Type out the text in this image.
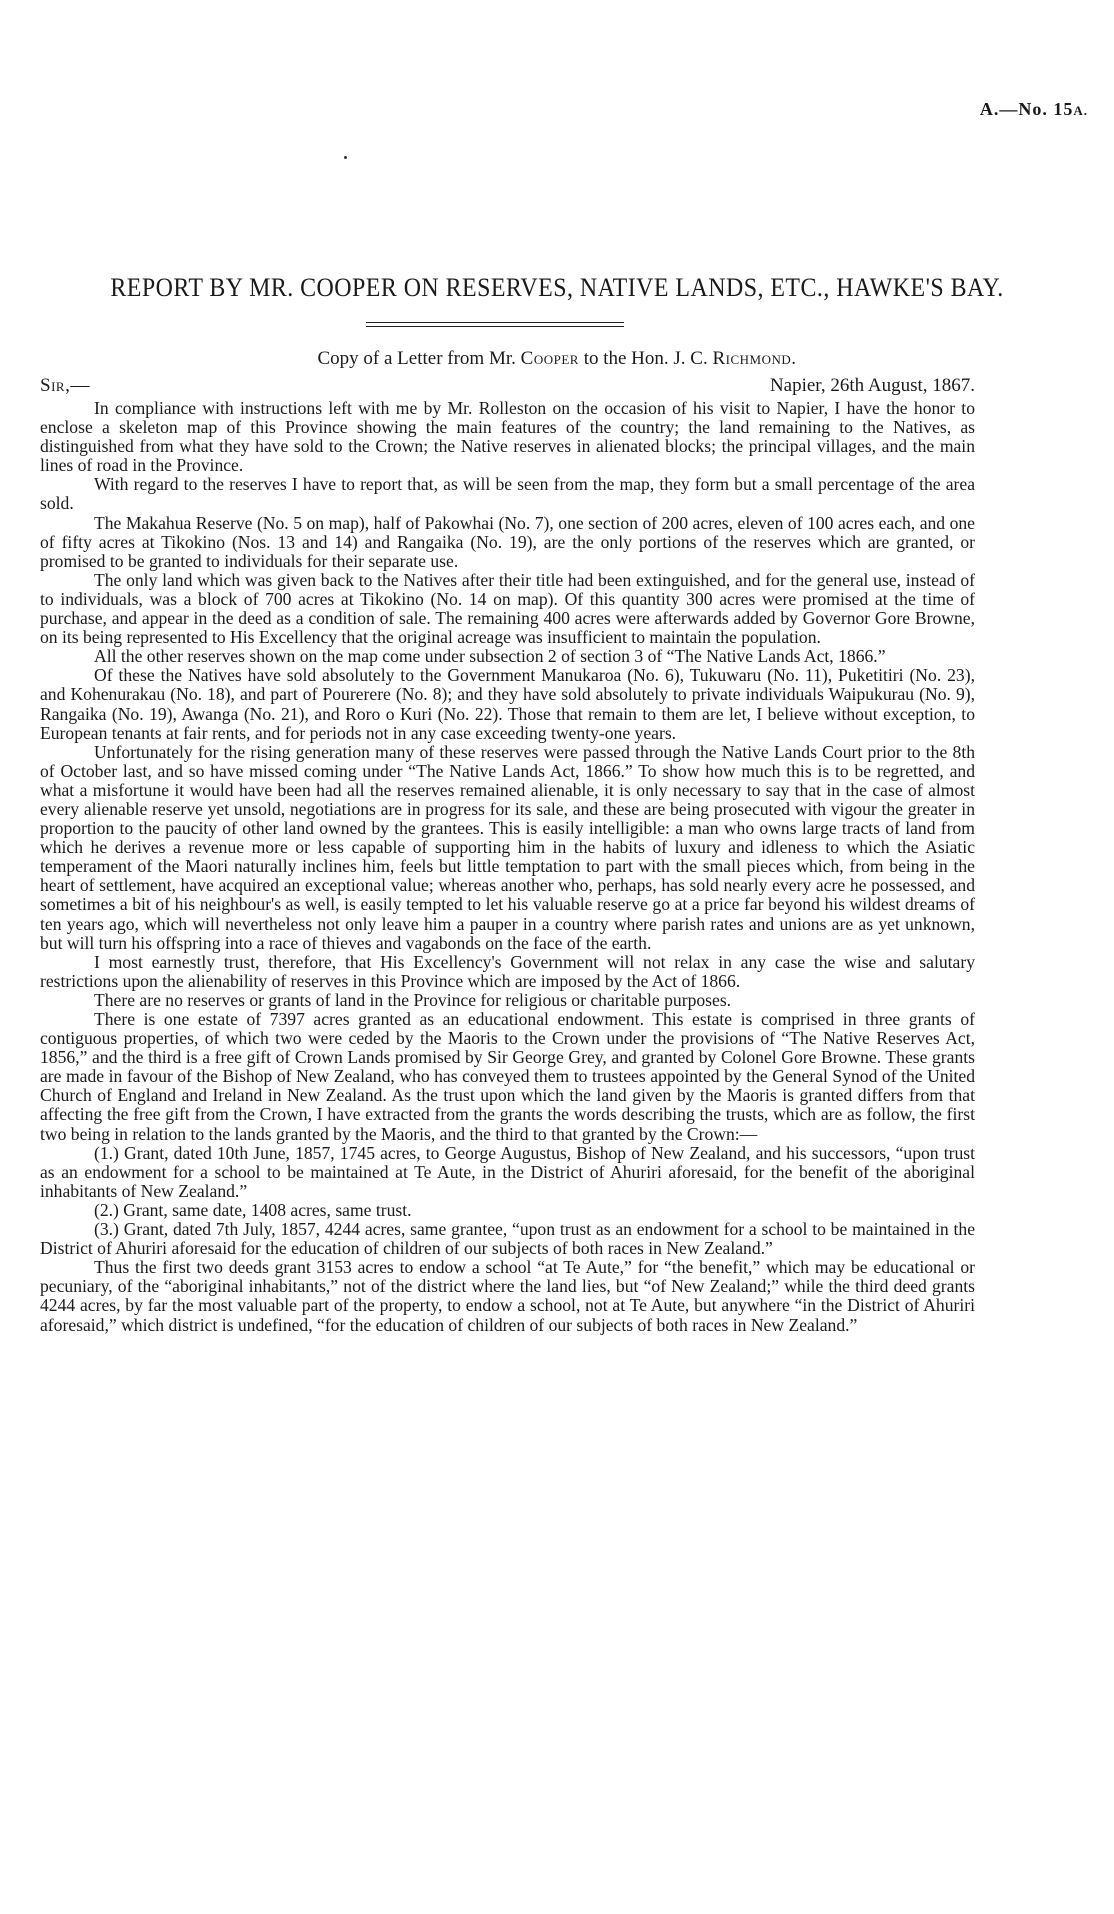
A.—No. 15A.
REPORT BY MR. COOPER ON RESERVES, NATIVE LANDS, ETC., HAWKE'S BAY.
Copy of a Letter from Mr. Cooper to the Hon. J. C. Richmond.
Sir,—	Napier, 26th August, 1867.

In compliance with instructions left with me by Mr. Rolleston on the occasion of his visit to Napier, I have the honor to enclose a skeleton map of this Province showing the main features of the country; the land remaining to the Natives, as distinguished from what they have sold to the Crown; the Native reserves in alienated blocks; the principal villages, and the main lines of road in the Province.

With regard to the reserves I have to report that, as will be seen from the map, they form but a small percentage of the area sold.

The Makahua Reserve (No. 5 on map), half of Pakowhai (No. 7), one section of 200 acres, eleven of 100 acres each, and one of fifty acres at Tikokino (Nos. 13 and 14) and Rangaika (No. 19), are the only portions of the reserves which are granted, or promised to be granted to individuals for their separate use.

The only land which was given back to the Natives after their title had been extinguished, and for the general use, instead of to individuals, was a block of 700 acres at Tikokino (No. 14 on map). Of this quantity 300 acres were promised at the time of purchase, and appear in the deed as a condition of sale. The remaining 400 acres were afterwards added by Governor Gore Browne, on its being represented to His Excellency that the original acreage was insufficient to maintain the population.

All the other reserves shown on the map come under subsection 2 of section 3 of “The Native Lands Act, 1866.”

Of these the Natives have sold absolutely to the Government Manukaroa (No. 6), Tukuwaru (No. 11), Puketitiri (No. 23), and Kohenurakau (No. 18), and part of Pourerere (No. 8); and they have sold absolutely to private individuals Waipukurau (No. 9), Rangaika (No. 19), Awanga (No. 21), and Roro o Kuri (No. 22). Those that remain to them are let, I believe without exception, to European tenants at fair rents, and for periods not in any case exceeding twenty-one years.

Unfortunately for the rising generation many of these reserves were passed through the Native Lands Court prior to the 8th of October last, and so have missed coming under “The Native Lands Act, 1866.” To show how much this is to be regretted, and what a misfortune it would have been had all the reserves remained alienable, it is only necessary to say that in the case of almost every alienable reserve yet unsold, negotiations are in progress for its sale, and these are being prosecuted with vigour the greater in proportion to the paucity of other land owned by the grantees. This is easily intelligible: a man who owns large tracts of land from which he derives a revenue more or less capable of supporting him in the habits of luxury and idleness to which the Asiatic temperament of the Maori naturally inclines him, feels but little temptation to part with the small pieces which, from being in the heart of settlement, have acquired an exceptional value; whereas another who, perhaps, has sold nearly every acre he possessed, and sometimes a bit of his neighbour's as well, is easily tempted to let his valuable reserve go at a price far beyond his wildest dreams of ten years ago, which will nevertheless not only leave him a pauper in a country where parish rates and unions are as yet unknown, but will turn his offspring into a race of thieves and vagabonds on the face of the earth.

I most earnestly trust, therefore, that His Excellency's Government will not relax in any case the wise and salutary restrictions upon the alienability of reserves in this Province which are imposed by the Act of 1866.

There are no reserves or grants of land in the Province for religious or charitable purposes.

There is one estate of 7397 acres granted as an educational endowment. This estate is comprised in three grants of contiguous properties, of which two were ceded by the Maoris to the Crown under the provisions of “The Native Reserves Act, 1856,” and the third is a free gift of Crown Lands promised by Sir George Grey, and granted by Colonel Gore Browne. These grants are made in favour of the Bishop of New Zealand, who has conveyed them to trustees appointed by the General Synod of the United Church of England and Ireland in New Zealand. As the trust upon which the land given by the Maoris is granted differs from that affecting the free gift from the Crown, I have extracted from the grants the words describing the trusts, which are as follow, the first two being in relation to the lands granted by the Maoris, and the third to that granted by the Crown:—

(1.) Grant, dated 10th June, 1857, 1745 acres, to George Augustus, Bishop of New Zealand, and his successors, “upon trust as an endowment for a school to be maintained at Te Aute, in the District of Ahuriri aforesaid, for the benefit of the aboriginal inhabitants of New Zealand.”

(2.) Grant, same date, 1408 acres, same trust.

(3.) Grant, dated 7th July, 1857, 4244 acres, same grantee, “upon trust as an endowment for a school to be maintained in the District of Ahuriri aforesaid for the education of children of our subjects of both races in New Zealand.”

Thus the first two deeds grant 3153 acres to endow a school “at Te Aute,” for “the benefit,” which may be educational or pecuniary, of the “aboriginal inhabitants,” not of the district where the land lies, but “of New Zealand;” while the third deed grants 4244 acres, by far the most valuable part of the property, to endow a school, not at Te Aute, but anywhere “in the District of Ahuriri aforesaid,” which district is undefined, “for the education of children of our subjects of both races in New Zealand.”
